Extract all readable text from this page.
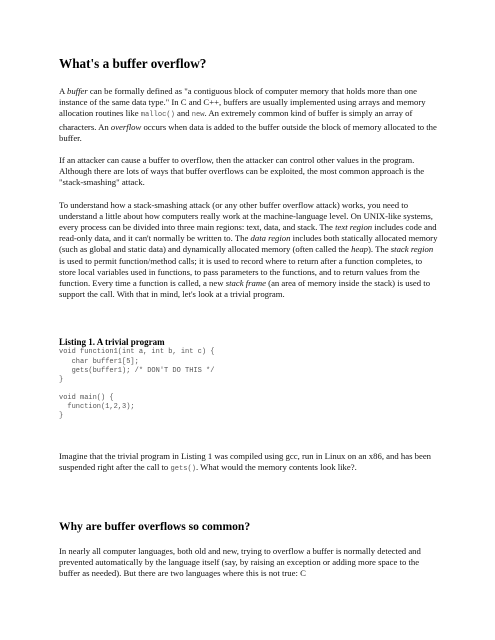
What's a buffer overflow?

A buffer can be formally defined as "a contiguous block of computer memory that holds more than one instance of the same data type." In C and C++, buffers are usually implemented using arrays and memory allocation routines like malloc() and new. An extremely common kind of buffer is simply an array of characters. An overflow occurs when data is added to the buffer outside the block of memory allocated to the buffer.

If an attacker can cause a buffer to overflow, then the attacker can control other values in the program. Although there are lots of ways that buffer overflows can be exploited, the most common approach is the "stack-smashing" attack.

To understand how a stack-smashing attack (or any other buffer overflow attack) works, you need to understand a little about how computers really work at the machine-language level. On UNIX-like systems, every process can be divided into three main regions: text, data, and stack. The text region includes code and read-only data, and it can't normally be written to. The data region includes both statically allocated memory (such as global and static data) and dynamically allocated memory (often called the heap). The stack region is used to permit function/method calls; it is used to record where to return after a function completes, to store local variables used in functions, to pass parameters to the functions, and to return values from the function. Every time a function is called, a new stack frame (an area of memory inside the stack) is used to support the call. With that in mind, let's look at a trivial program.

Listing 1. A trivial program
void function1(int a, int b, int c) {
char buffer1[5];
gets(buffer1); /* DON'T DO THIS */
}

void main() {
function(1,2,3);
}

Imagine that the trivial program in Listing 1 was compiled using gcc, run in Linux on an x86, and has been suspended right after the call to gets(). What would the memory contents look like?.

Why are buffer overflows so common?

In nearly all computer languages, both old and new, trying to overflow a buffer is normally detected and prevented automatically by the language itself (say, by raising an exception or adding more space to the buffer as needed). But there are two languages where this is not true: C
